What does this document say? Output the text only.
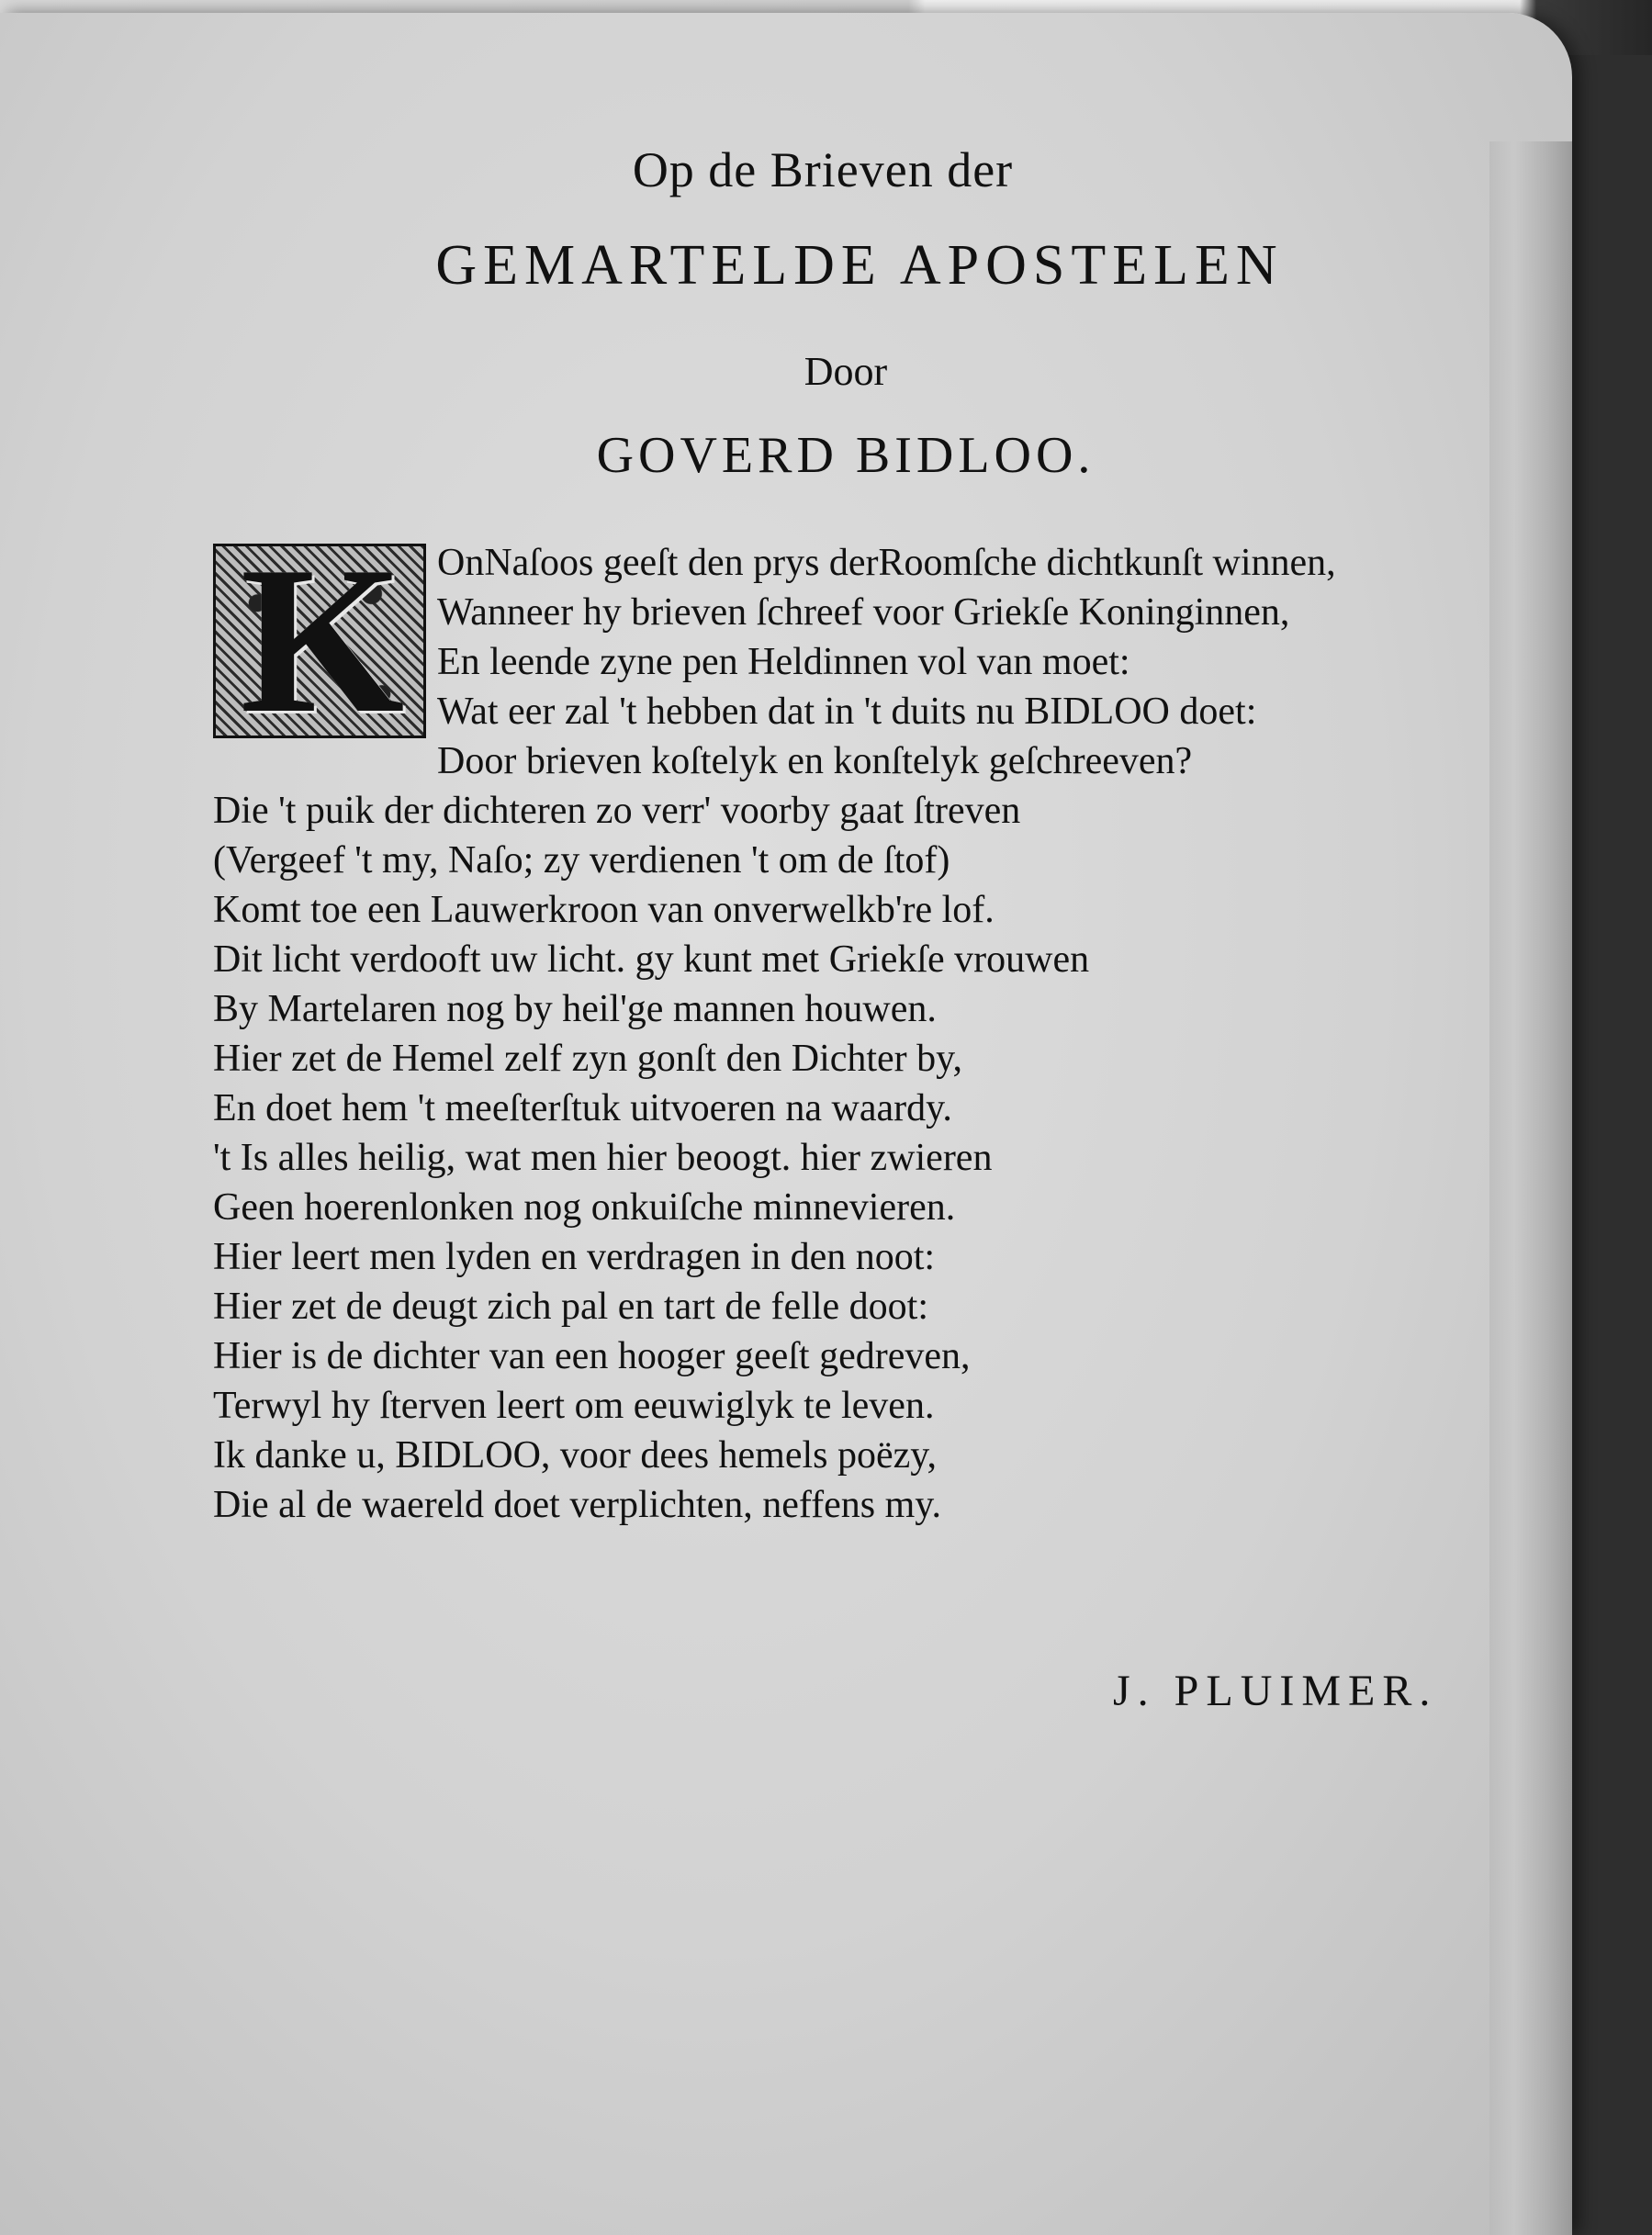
Op de Brieven der
GEMARTELDE APOSTELEN
Door
GOVERD BIDLOO.
K OnNaſoos geeſt den prys derRoomſche dichtkunſt winnen,
Wanneer hy brieven ſchreef voor Griekſe Koninginnen,
En leende zyne pen Heldinnen vol van moet:
Wat eer zal 't hebben dat in 't duits nu BIDLOO doet:
Door brieven koſtelyk en konſtelyk geſchreeven?
Die 't puik der dichteren zo verr' voorby gaat ſtreven
(Vergeef 't my, Naſo; zy verdienen 't om de ſtof)
Komt toe een Lauwerkroon van onverwelkb're lof.
Dit licht verdooft uw licht. gy kunt met Griekſe vrouwen
By Martelaren nog by heil'ge mannen houwen.
Hier zet de Hemel zelf zyn gonſt den Dichter by,
En doet hem 't meeſterſtuk uitvoeren na waardy.
't Is alles heilig, wat men hier beoogt. hier zwieren
Geen hoerenlonken nog onkuiſche minnevieren.
Hier leert men lyden en verdragen in den noot:
Hier zet de deugt zich pal en tart de felle doot:
Hier is de dichter van een hooger geeſt gedreven,
Terwyl hy ſterven leert om eeuwiglyk te leven.
Ik danke u, BIDLOO, voor dees hemels poëzy,
Die al de waereld doet verplichten, neffens my.
J. PLUIMER.
